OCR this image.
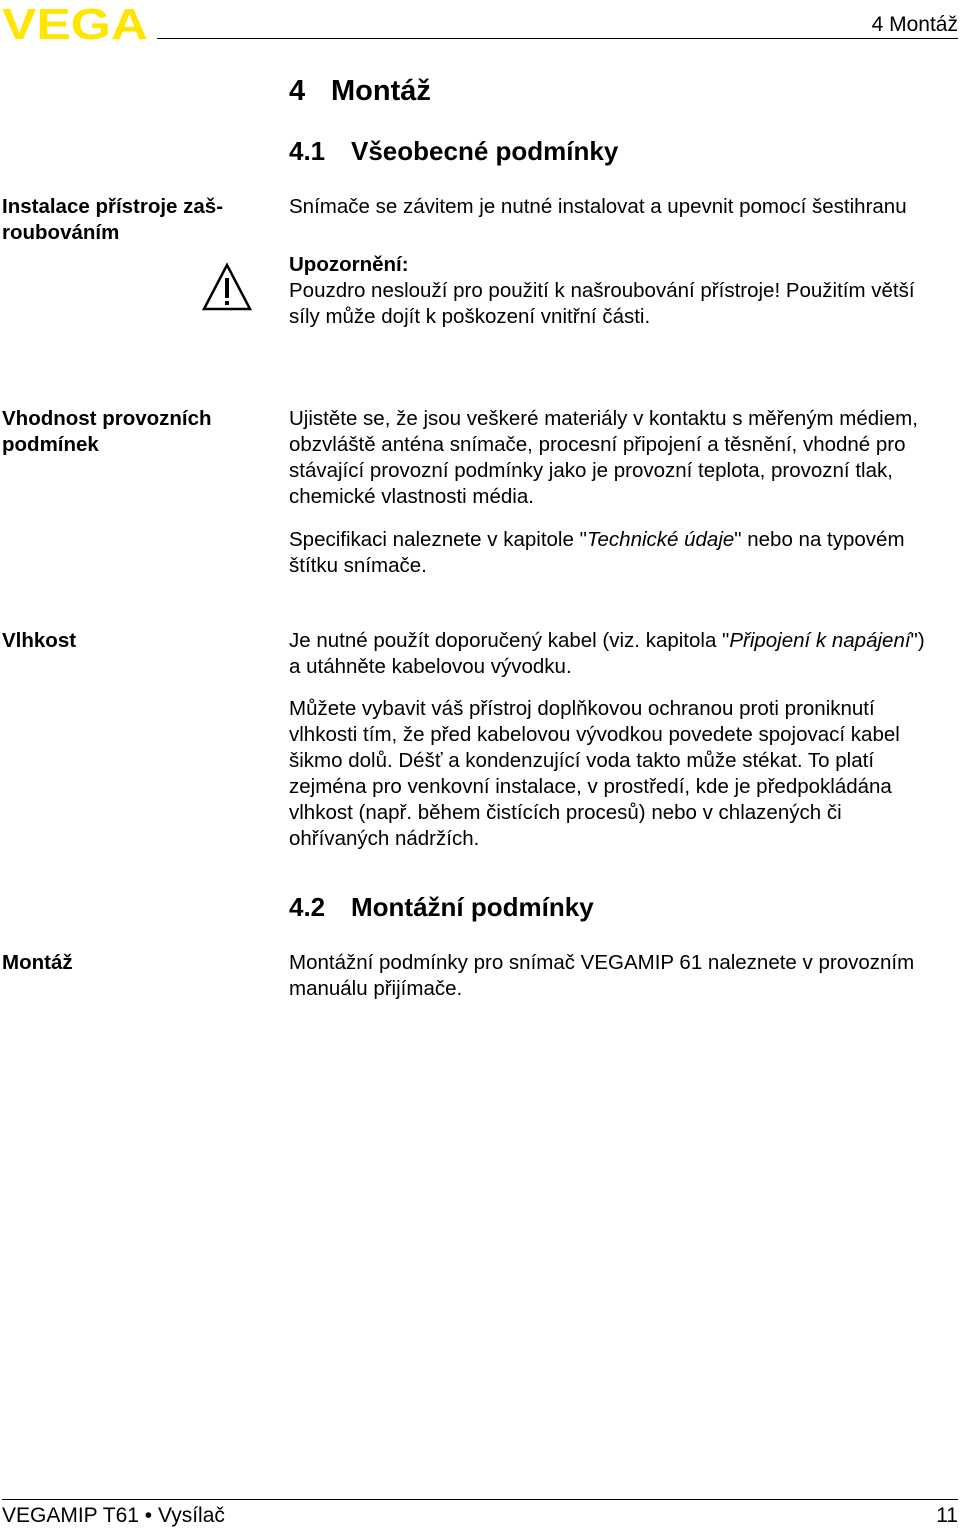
VEGA	4 Montáž
4 Montáž
4.1 Všeobecné podmínky
Instalace přístroje zaš-
roubováním
Snímače se závitem je nutné instalovat a upevnit pomocí šestihranu

Upozornění:

Pouzdro neslouží pro použití k našroubování přístroje! Použitím větší

síly může dojít k poškození vnitřní části.

Vhodnost provozních
podmínek

Ujistěte se, že jsou veškeré materiály v kontaktu s měřeným médiem,

obzvláště anténa snímače, procesní připojení a těsnění, vhodné pro

stávající provozní podmínky jako je provozní teplota, provozní tlak,

chemické vlastnosti média.

Specifikaci naleznete v kapitole "Technické údaje" nebo na typovém

štítku snímače.

Vlhkost	Je nutné použít doporučený kabel (viz. kapitola "Připojení k napájení")

a utáhněte kabelovou vývodku.

Můžete vybavit váš přístroj doplňkovou ochranou proti proniknutí

vlhkosti tím, že před kabelovou vývodkou povedete spojovací kabel

šikmo dolů. Déšť a kondenzující voda takto může stékat. To platí

zejména pro venkovní instalace, v prostředí, kde je předpokládána

vlhkost (např. během čistících procesů) nebo v chlazených či

ohřívaných nádržích.

4.2 Montážní podmínky
Montáž	Montážní podmínky pro snímač VEGAMIP 61 naleznete v provozním

manuálu přijímače.

VEGAMIP T61 • Vysílač	11
